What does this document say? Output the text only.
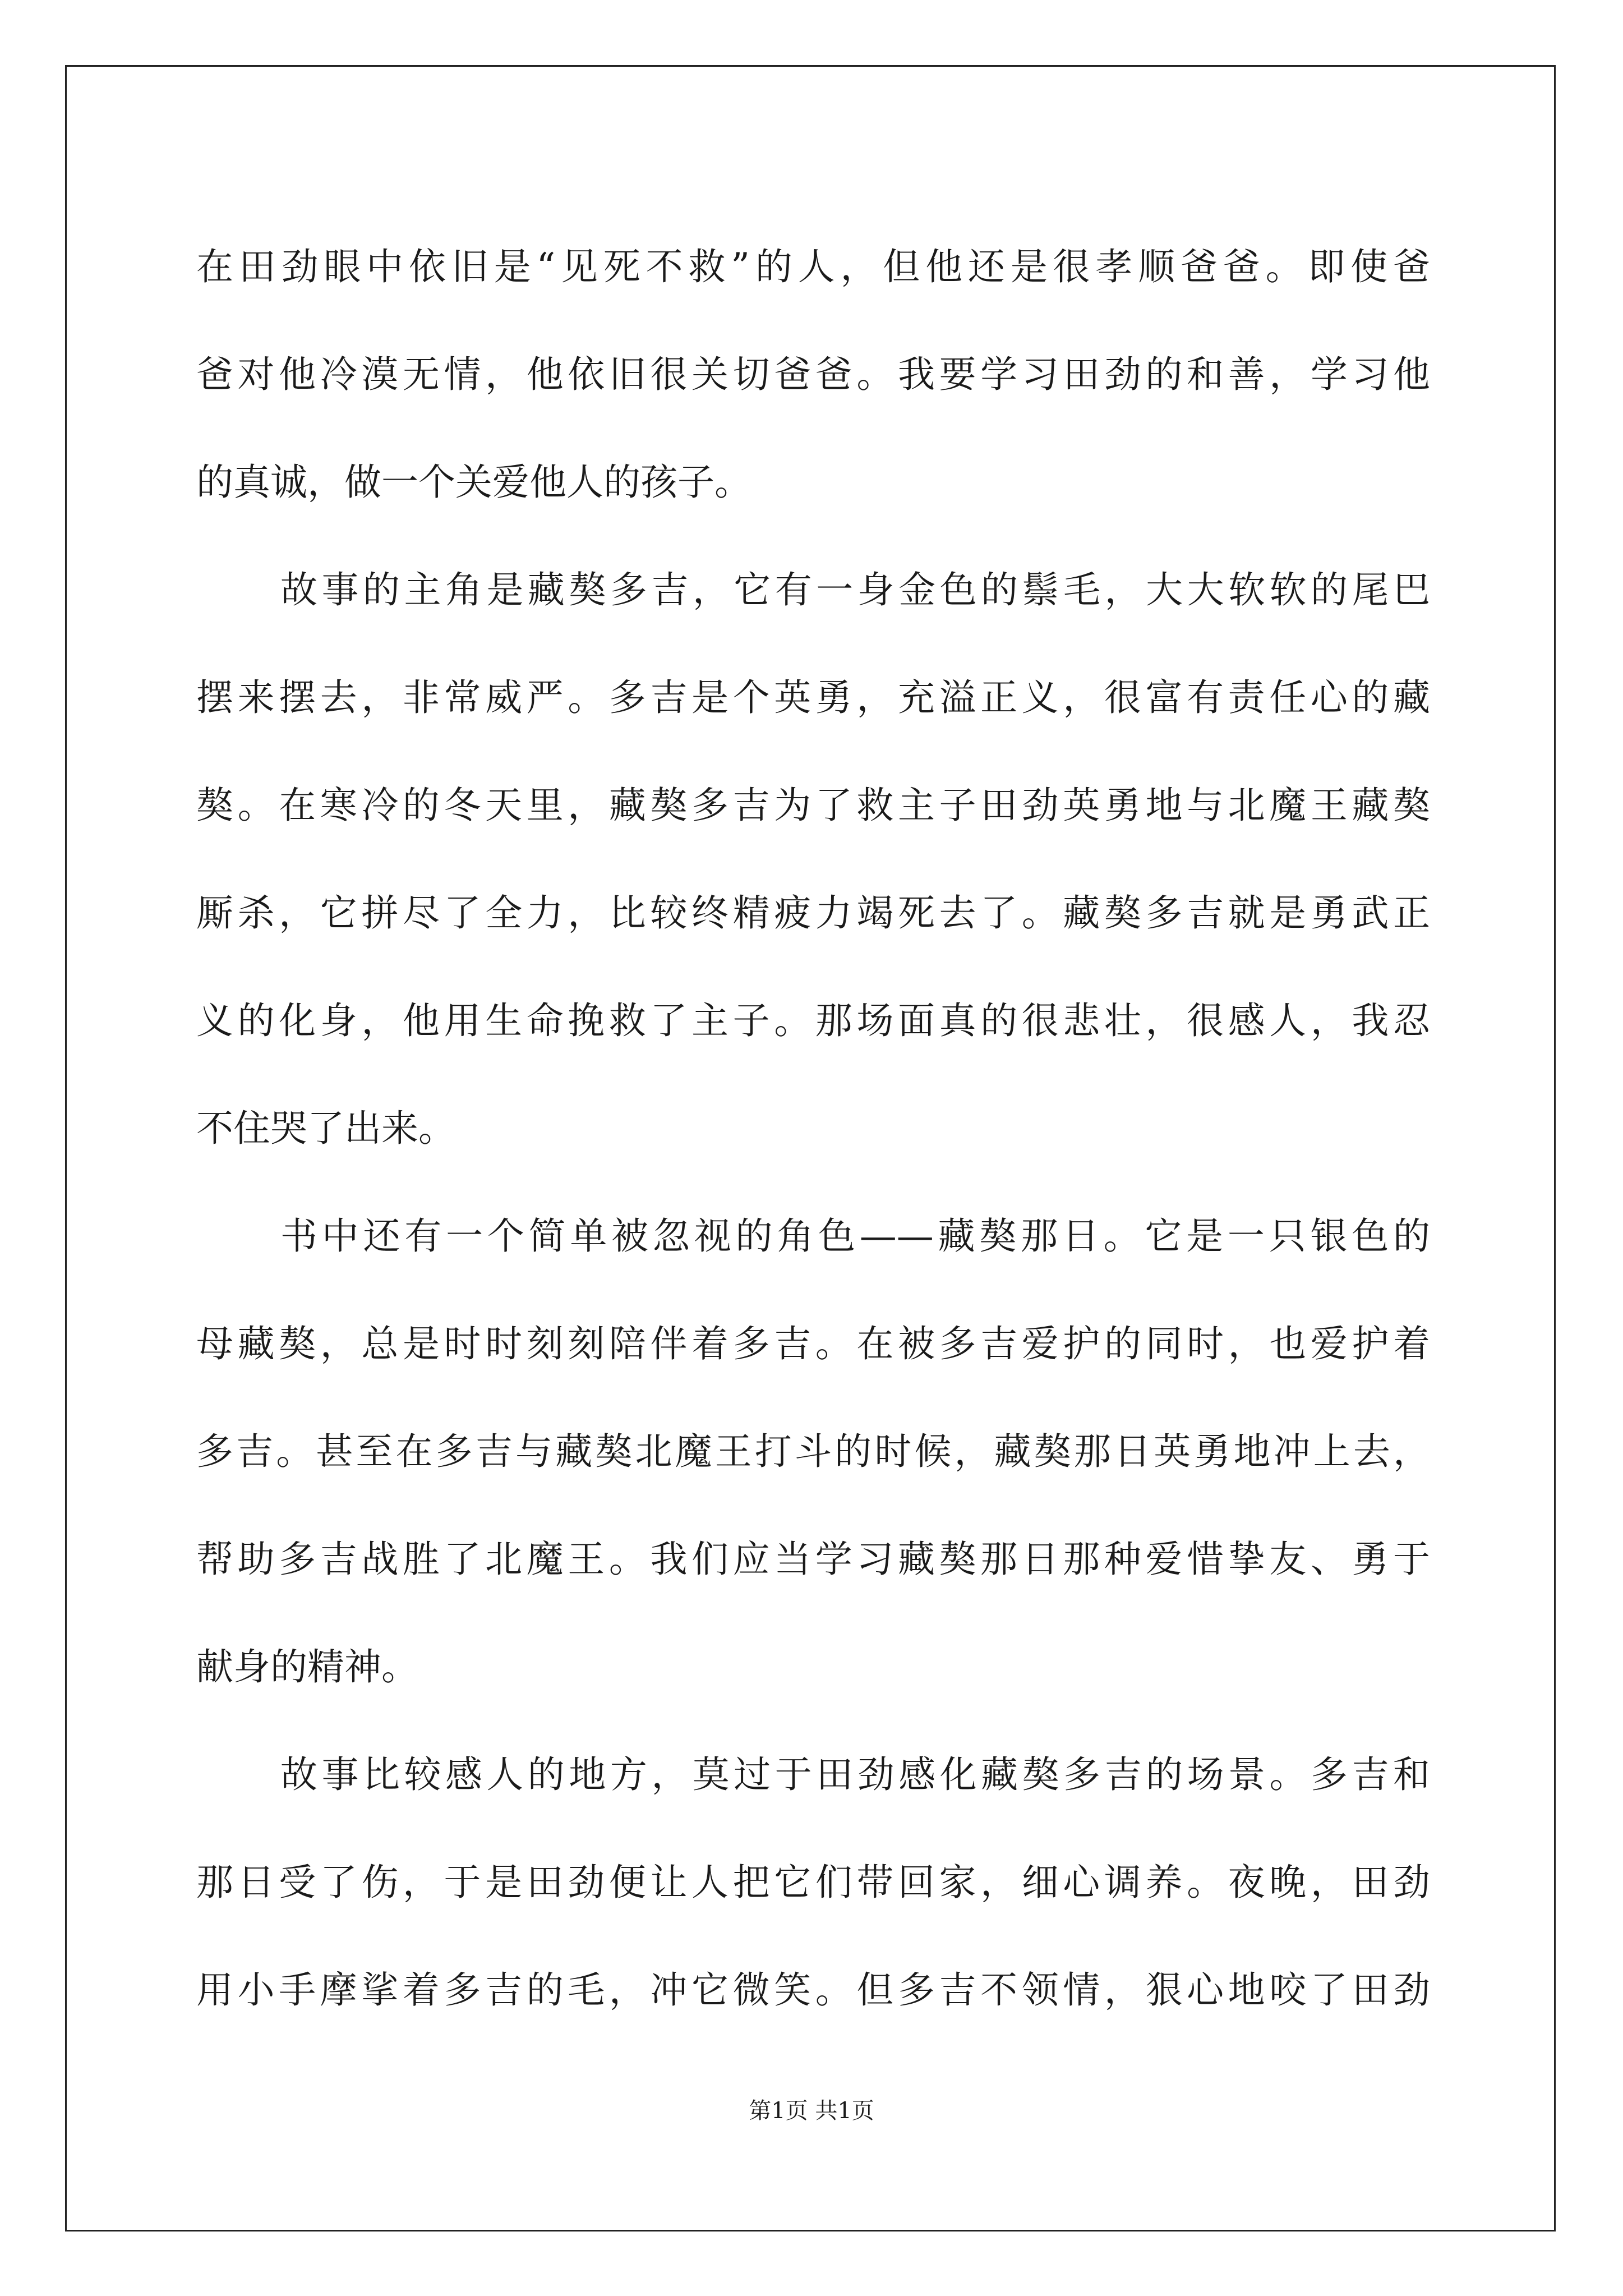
在田劲眼中依旧是“见死不救”的人，但他还是很孝顺爸爸。即使爸
爸对他冷漠无情，他依旧很关切爸爸。我要学习田劲的和善，学习他
的真诚，做一个关爱他人的孩子。
故事的主角是藏獒多吉，它有一身金色的鬃毛，大大软软的尾巴
摆来摆去，非常威严。多吉是个英勇，充溢正义，很富有责任心的藏
獒。在寒冷的冬天里，藏獒多吉为了救主子田劲英勇地与北魔王藏獒
厮杀，它拼尽了全力，比较终精疲力竭死去了。藏獒多吉就是勇武正
义的化身，他用生命挽救了主子。那场面真的很悲壮，很感人，我忍
不住哭了出来。
书中还有一个简单被忽视的角色——藏獒那日。它是一只银色的
母藏獒，总是时时刻刻陪伴着多吉。在被多吉爱护的同时，也爱护着
多吉。甚至在多吉与藏獒北魔王打斗的时候，藏獒那日英勇地冲上去，
帮助多吉战胜了北魔王。我们应当学习藏獒那日那种爱惜挚友、勇于
献身的精神。
故事比较感人的地方，莫过于田劲感化藏獒多吉的场景。多吉和
那日受了伤，于是田劲便让人把它们带回家，细心调养。夜晚，田劲
用小手摩挲着多吉的毛，冲它微笑。但多吉不领情，狠心地咬了田劲
第1页 共1页
